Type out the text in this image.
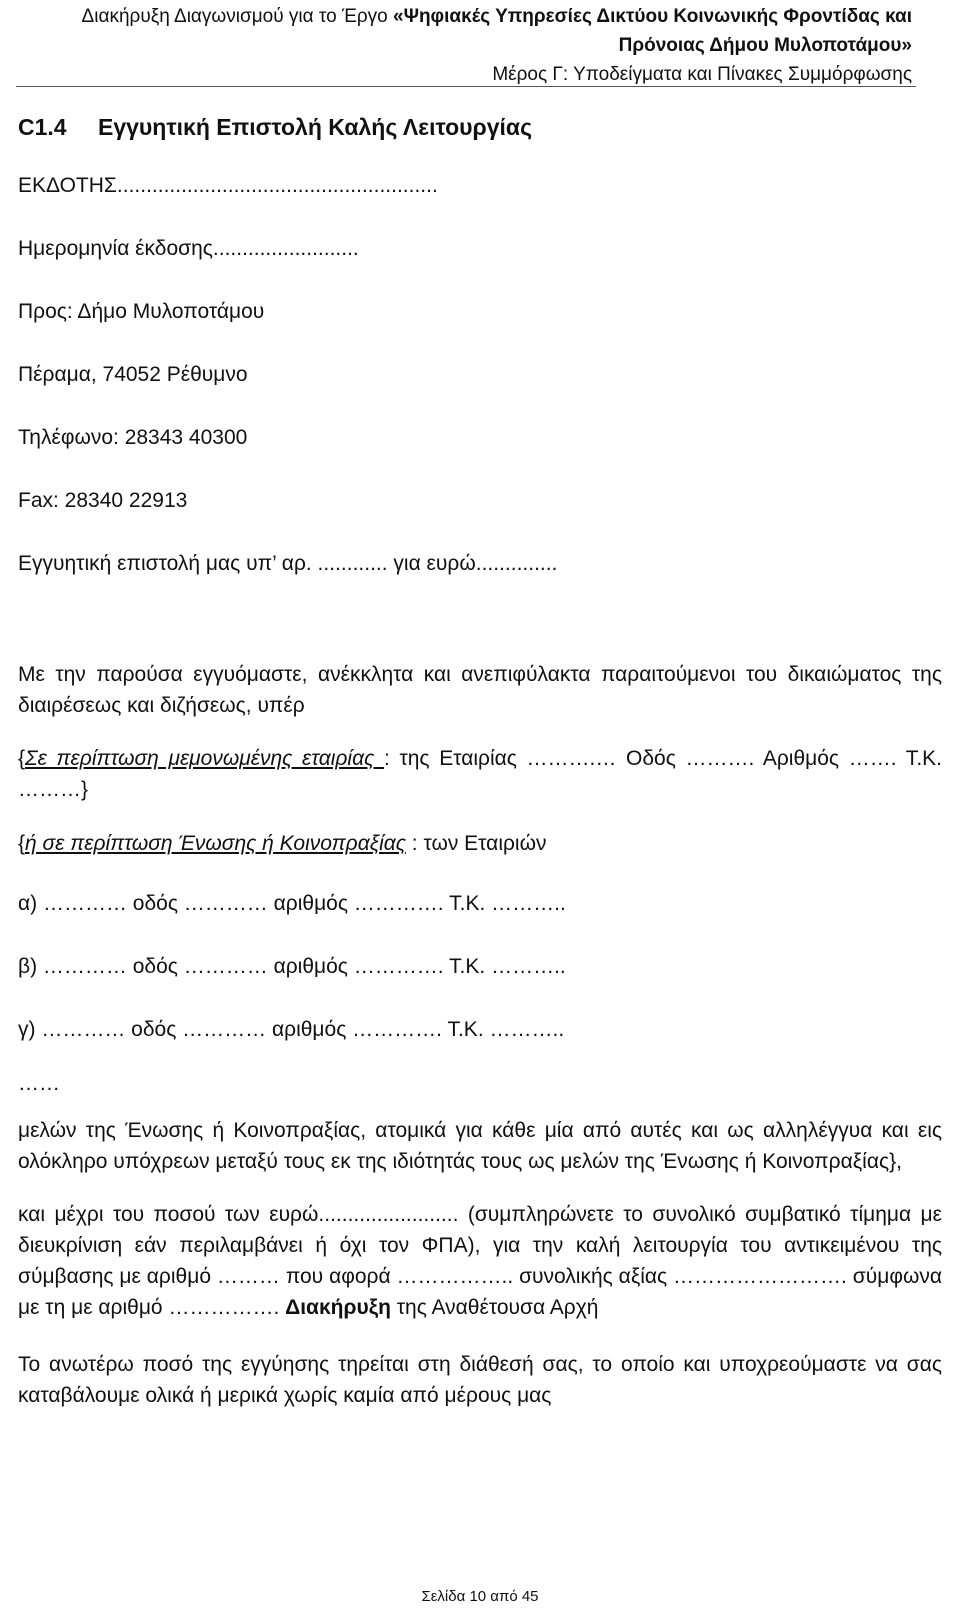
Διακήρυξη Διαγωνισμού για το Έργο «Ψηφιακές Υπηρεσίες Δικτύου Κοινωνικής Φροντίδας και
Πρόνοιας Δήμου Μυλοποτάμου»
Μέρος Γ: Υποδείγματα και Πίνακες Συμμόρφωσης

C1.4 Εγγυητική Επιστολή Καλής Λειτουργίας

ΕΚΔΟΤΗΣ.......................................................

Ημερομηνία έκδοσης.........................

Προς: Δήμο Μυλοποτάμου

Πέραμα, 74052 Ρέθυμνο

Τηλέφωνο: 28343 40300

Fax: 28340 22913

Εγγυητική επιστολή μας υπ’ αρ. ............ για ευρώ..............

Με την παρούσα εγγυόμαστε, ανέκκλητα και ανεπιφύλακτα παραιτούμενοι του δικαιώματος της διαιρέσεως και διζήσεως, υπέρ

{Σε περίπτωση μεμονωμένης εταιρίας : της Εταιρίας ……….… Οδός ………. Αριθμός ……. Τ.Κ. ………}

{ή σε περίπτωση Ένωσης ή Κοινοπραξίας : των Εταιριών

α) ………… οδός ………… αριθμός …………. Τ.Κ. ………..

β) ………… οδός ………… αριθμός …………. Τ.Κ. ………..

γ) ………… οδός ………… αριθμός …………. Τ.Κ. ………..

……

μελών της Ένωσης ή Κοινοπραξίας, ατομικά για κάθε μία από αυτές και ως αλληλέγγυα και εις ολόκληρο υπόχρεων μεταξύ τους εκ της ιδιότητάς τους ως μελών της Ένωσης ή Κοινοπραξίας},

και μέχρι του ποσού των ευρώ........................ (συμπληρώνετε το συνολικό συμβατικό τίμημα με διευκρίνιση εάν περιλαμβάνει ή όχι τον ΦΠΑ), για την καλή λειτουργία του αντικειμένου της σύμβασης με αριθμό ……… που αφορά …………….. συνολικής αξίας ……………………. σύμφωνα με τη με αριθμό ……………. Διακήρυξη της Αναθέτουσα Αρχή

Το ανωτέρω ποσό της εγγύησης τηρείται στη διάθεσή σας, το οποίο και υποχρεούμαστε να σας καταβάλουμε ολικά ή μερικά χωρίς καμία από μέρους μας

Σελίδα 10 από 45
